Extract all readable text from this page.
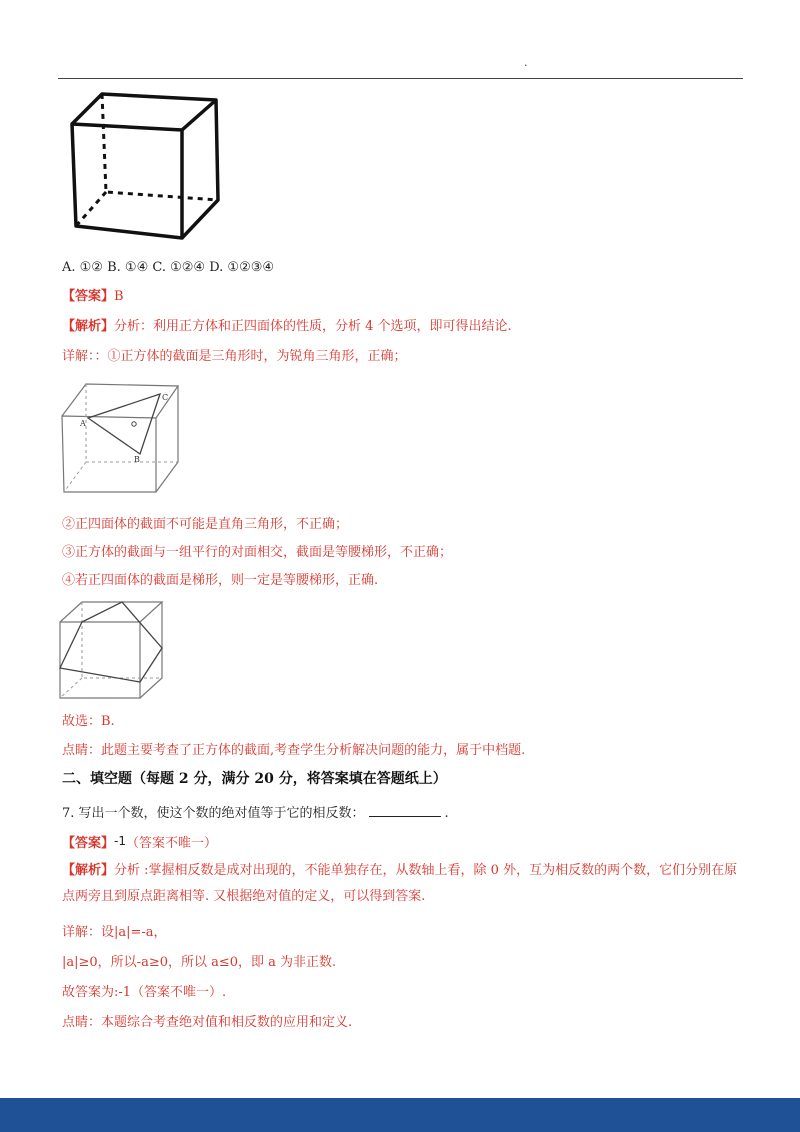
.
A. ①② B. ①④ C. ①②④ D. ①②③④
【答案】B
【解析】分析：利用正方体和正四面体的性质，分析 4 个选项，即可得出结论.
详解：：①正方体的截面是三角形时，为锐角三角形，正确；
A
B
C
②正四面体的截面不可能是直角三角形，不正确；
③正方体的截面与一组平行的对面相交，截面是等腰梯形，不正确；
④若正四面体的截面是梯形，则一定是等腰梯形，正确.
故选：B.
点睛：此题主要考查了正方体的截面,考查学生分析解决问题的能力，属于中档题.
二、填空题（每题 2 分，满分 20 分，将答案填在答题纸上）
7. 写出一个数，使这个数的绝对值等于它的相反数：	.
【答案】-1（答案不唯一）
【解析】分析 :掌握相反数是成对出现的，不能单独存在，从数轴上看，除 0 外，互为相反数的两个数，它们分别在原点两旁且到原点距离相等. 又根据绝对值的定义，可以得到答案.
详解：设|a|=-a，
|a|≥0，所以-a≥0，所以 a≤0，即 a 为非正数.
故答案为:-1（答案不唯一）.
点睛：本题综合考查绝对值和相反数的应用和定义.
